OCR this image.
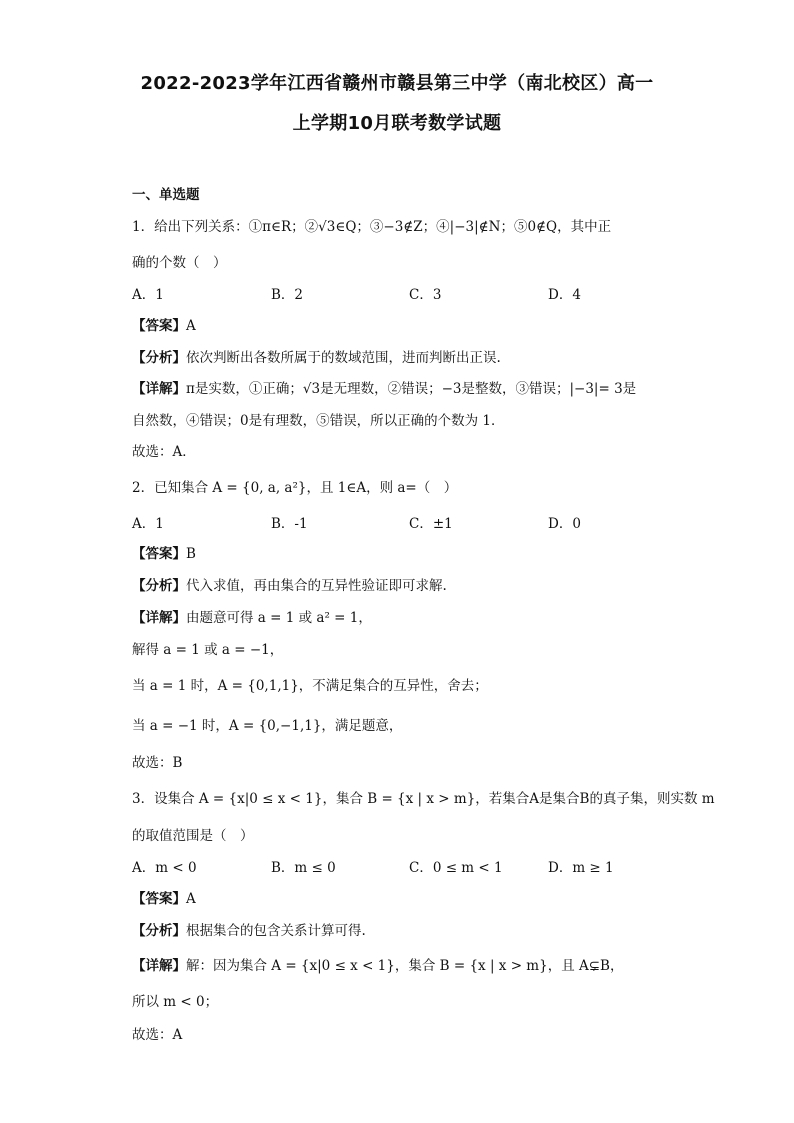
2022-2023学年江西省赣州市赣县第三中学（南北校区）高一
上学期10月联考数学试题
一、单选题
1．给出下列关系：①π∈R；②√3∈Q；③−3∉Z；④|−3|∉N；⑤0∉Q，其中正
确的个数（　）
A．1	B．2	C．3	D．4
【答案】A
【分析】依次判断出各数所属于的数域范围，进而判断出正误.
【详解】π是实数，①正确；√3是无理数，②错误；−3是整数，③错误；|−3|= 3是
自然数，④错误；0是有理数，⑤错误，所以正确的个数为 1．
故选：A．
2．已知集合 A = {0, a, a²}，且 1∈A，则 a=（　）
A．1	B．-1	C．±1	D．0
【答案】B
【分析】代入求值，再由集合的互异性验证即可求解.
【详解】由题意可得 a = 1 或 a² = 1，
解得 a = 1 或 a = −1，
当 a = 1 时，A = {0,1,1}，不满足集合的互异性，舍去；
当 a = −1 时，A = {0,−1,1}，满足题意，
故选：B
3．设集合 A = {x|0 ≤ x < 1}，集合 B = {x | x > m}，若集合A是集合B的真子集，则实数 m
的取值范围是（　）
A．m < 0	B．m ≤ 0	C．0 ≤ m < 1	D．m ≥ 1
【答案】A
【分析】根据集合的包含关系计算可得.
【详解】解：因为集合 A = {x|0 ≤ x < 1}，集合 B = {x | x > m}，且 A⊊B，
所以 m < 0；
故选：A
